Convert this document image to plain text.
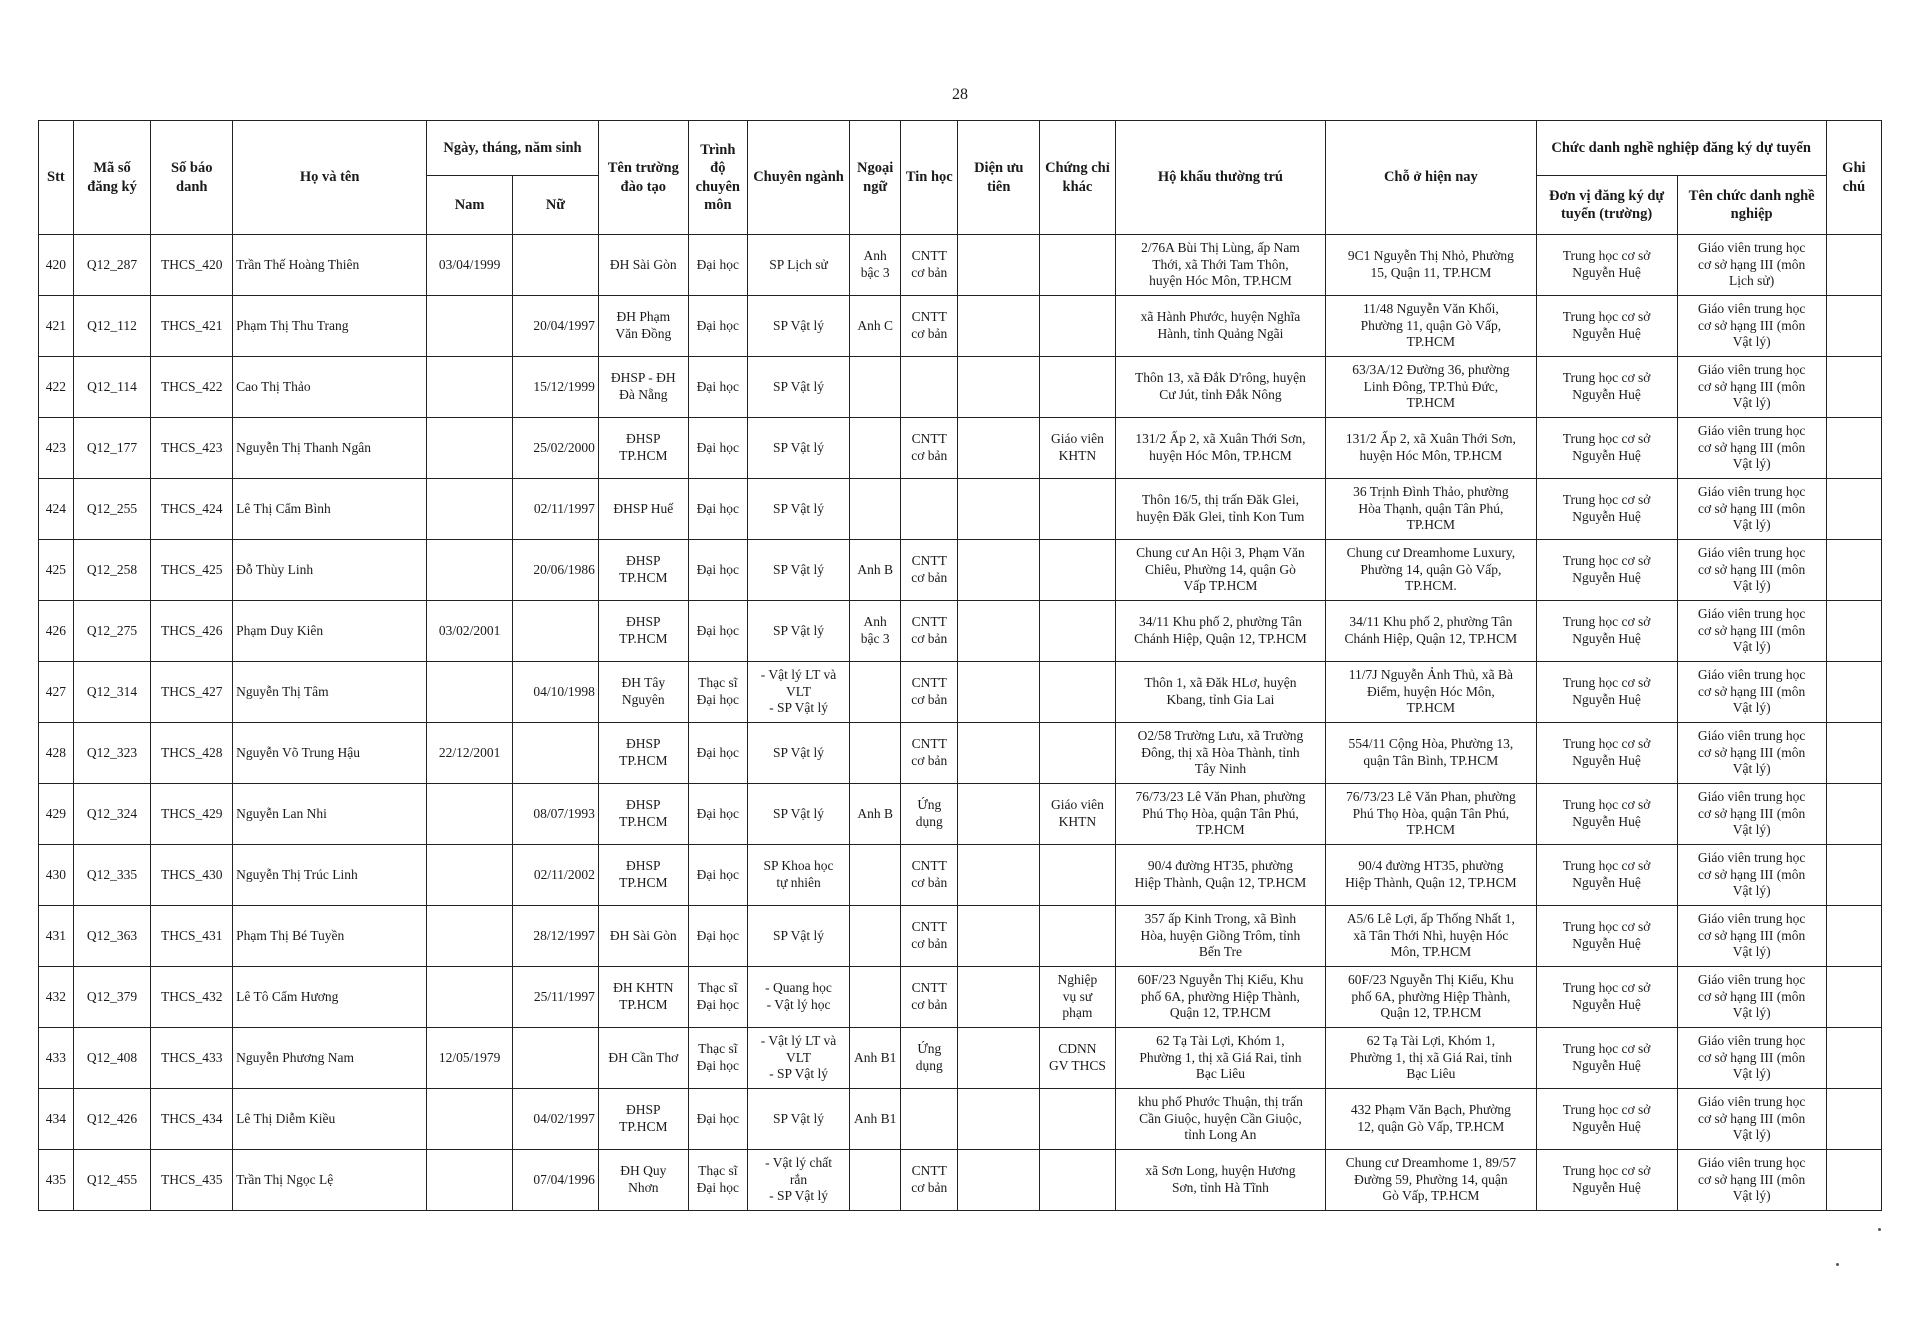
28
Stt	Mã số đăng ký	Số báo danh	Họ và tên	Ngày, tháng, năm sinh		Tên trường đào tạo	Trình độ chuyên môn	Chuyên ngành	Ngoại ngữ	Tin học	Diện ưu tiên	Chứng chỉ khác	Hộ khẩu thường trú	Chỗ ở hiện nay	Chức danh nghề nghiệp đăng ký dự tuyển		Ghi chú
				Nam	Nữ										Đơn vị đăng ký dự tuyển (trường)	Tên chức danh nghề nghiệp	
420	Q12_287	THCS_420	Trần Thế Hoàng Thiên	03/04/1999		ĐH Sài Gòn	Đại học	SP Lịch sử	Anh
bậc 3	CNTT
cơ bản			2/76A Bùi Thị Lùng, ấp Nam
Thới, xã Thới Tam Thôn,
huyện Hóc Môn, TP.HCM	9C1 Nguyễn Thị Nhỏ, Phường
15, Quận 11, TP.HCM	Trung học cơ sở
Nguyễn Huệ	Giáo viên trung học
cơ sở hạng III (môn
Lịch sử)	
421	Q12_112	THCS_421	Phạm Thị Thu Trang		20/04/1997	ĐH Phạm
Văn Đồng	Đại học	SP Vật lý	Anh C	CNTT
cơ bản			xã Hành Phước, huyện Nghĩa
Hành, tỉnh Quảng Ngãi	11/48 Nguyễn Văn Khối,
Phường 11, quận Gò Vấp,
TP.HCM	Trung học cơ sở
Nguyễn Huệ	Giáo viên trung học
cơ sở hạng III (môn
Vật lý)	
422	Q12_114	THCS_422	Cao Thị Thảo		15/12/1999	ĐHSP - ĐH
Đà Nẵng	Đại học	SP Vật lý					Thôn 13, xã Đắk D'rông, huyện
Cư Jút, tỉnh Đắk Nông	63/3A/12 Đường 36, phường
Linh Đông, TP.Thủ Đức,
TP.HCM	Trung học cơ sở
Nguyễn Huệ	Giáo viên trung học
cơ sở hạng III (môn
Vật lý)	
423	Q12_177	THCS_423	Nguyễn Thị Thanh Ngân		25/02/2000	ĐHSP
TP.HCM	Đại học	SP Vật lý		CNTT
cơ bản		Giáo viên
KHTN	131/2 Ấp 2, xã Xuân Thới Sơn,
huyện Hóc Môn, TP.HCM	131/2 Ấp 2, xã Xuân Thới Sơn,
huyện Hóc Môn, TP.HCM	Trung học cơ sở
Nguyễn Huệ	Giáo viên trung học
cơ sở hạng III (môn
Vật lý)	
424	Q12_255	THCS_424	Lê Thị Cẩm Bình		02/11/1997	ĐHSP Huế	Đại học	SP Vật lý					Thôn 16/5, thị trấn Đăk Glei,
huyện Đăk Glei, tỉnh Kon Tum	36 Trịnh Đình Thảo, phường
Hòa Thạnh, quận Tân Phú,
TP.HCM	Trung học cơ sở
Nguyễn Huệ	Giáo viên trung học
cơ sở hạng III (môn
Vật lý)	
425	Q12_258	THCS_425	Đỗ Thùy Linh		20/06/1986	ĐHSP
TP.HCM	Đại học	SP Vật lý	Anh B	CNTT
cơ bản			Chung cư An Hội 3, Phạm Văn
Chiêu, Phường 14, quận Gò
Vấp TP.HCM	Chung cư Dreamhome Luxury,
Phường 14, quận Gò Vấp,
TP.HCM.	Trung học cơ sở
Nguyễn Huệ	Giáo viên trung học
cơ sở hạng III (môn
Vật lý)	
426	Q12_275	THCS_426	Phạm Duy Kiên	03/02/2001		ĐHSP
TP.HCM	Đại học	SP Vật lý	Anh
bậc 3	CNTT
cơ bản			34/11 Khu phố 2, phường Tân
Chánh Hiệp, Quận 12, TP.HCM	34/11 Khu phố 2, phường Tân
Chánh Hiệp, Quận 12, TP.HCM	Trung học cơ sở
Nguyễn Huệ	Giáo viên trung học
cơ sở hạng III (môn
Vật lý)	
427	Q12_314	THCS_427	Nguyễn Thị Tâm		04/10/1998	ĐH Tây
Nguyên	Thạc sĩ
Đại học	- Vật lý LT và
VLT
- SP Vật lý		CNTT
cơ bản			Thôn 1, xã Đăk HLơ, huyện
Kbang, tỉnh Gia Lai	11/7J Nguyễn Ảnh Thủ, xã Bà
Điểm, huyện Hóc Môn,
TP.HCM	Trung học cơ sở
Nguyễn Huệ	Giáo viên trung học
cơ sở hạng III (môn
Vật lý)	
428	Q12_323	THCS_428	Nguyễn Võ Trung Hậu	22/12/2001		ĐHSP
TP.HCM	Đại học	SP Vật lý		CNTT
cơ bản			O2/58 Trường Lưu, xã Trường
Đông, thị xã Hòa Thành, tỉnh
Tây Ninh	554/11 Cộng Hòa, Phường 13,
quận Tân Bình, TP.HCM	Trung học cơ sở
Nguyễn Huệ	Giáo viên trung học
cơ sở hạng III (môn
Vật lý)	
429	Q12_324	THCS_429	Nguyễn Lan Nhi		08/07/1993	ĐHSP
TP.HCM	Đại học	SP Vật lý	Anh B	Ứng
dụng		Giáo viên
KHTN	76/73/23 Lê Văn Phan, phường
Phú Thọ Hòa, quận Tân Phú,
TP.HCM	76/73/23 Lê Văn Phan, phường
Phú Thọ Hòa, quận Tân Phú,
TP.HCM	Trung học cơ sở
Nguyễn Huệ	Giáo viên trung học
cơ sở hạng III (môn
Vật lý)	
430	Q12_335	THCS_430	Nguyễn Thị Trúc Linh		02/11/2002	ĐHSP
TP.HCM	Đại học	SP Khoa học
tự nhiên		CNTT
cơ bản			90/4 đường HT35, phường
Hiệp Thành, Quận 12, TP.HCM	90/4 đường HT35, phường
Hiệp Thành, Quận 12, TP.HCM	Trung học cơ sở
Nguyễn Huệ	Giáo viên trung học
cơ sở hạng III (môn
Vật lý)	
431	Q12_363	THCS_431	Phạm Thị Bé Tuyền		28/12/1997	ĐH Sài Gòn	Đại học	SP Vật lý		CNTT
cơ bản			357 ấp Kinh Trong, xã Bình
Hòa, huyện Giồng Trôm, tỉnh
Bến Tre	A5/6 Lê Lợi, ấp Thống Nhất 1,
xã Tân Thới Nhì, huyện Hóc
Môn, TP.HCM	Trung học cơ sở
Nguyễn Huệ	Giáo viên trung học
cơ sở hạng III (môn
Vật lý)	
432	Q12_379	THCS_432	Lê Tô Cẩm Hương		25/11/1997	ĐH KHTN
TP.HCM	Thạc sĩ
Đại học	- Quang học
- Vật lý học		CNTT
cơ bản		Nghiệp
vụ sư
phạm	60F/23 Nguyễn Thị Kiểu, Khu
phố 6A, phường Hiệp Thành,
Quận 12, TP.HCM	60F/23 Nguyễn Thị Kiểu, Khu
phố 6A, phường Hiệp Thành,
Quận 12, TP.HCM	Trung học cơ sở
Nguyễn Huệ	Giáo viên trung học
cơ sở hạng III (môn
Vật lý)	
433	Q12_408	THCS_433	Nguyễn Phương Nam	12/05/1979		ĐH Cần Thơ	Thạc sĩ
Đại học	- Vật lý LT và
VLT
- SP Vật lý	Anh B1	Ứng
dụng		CDNN
GV THCS	62 Tạ Tài Lợi, Khóm 1,
Phường 1, thị xã Giá Rai, tỉnh
Bạc Liêu	62 Tạ Tài Lợi, Khóm 1,
Phường 1, thị xã Giá Rai, tỉnh
Bạc Liêu	Trung học cơ sở
Nguyễn Huệ	Giáo viên trung học
cơ sở hạng III (môn
Vật lý)	
434	Q12_426	THCS_434	Lê Thị Diễm Kiều		04/02/1997	ĐHSP
TP.HCM	Đại học	SP Vật lý	Anh B1				khu phố Phước Thuận, thị trấn
Cần Giuộc, huyện Cần Giuộc,
tỉnh Long An	432 Phạm Văn Bạch, Phường
12, quận Gò Vấp, TP.HCM	Trung học cơ sở
Nguyễn Huệ	Giáo viên trung học
cơ sở hạng III (môn
Vật lý)	
435	Q12_455	THCS_435	Trần Thị Ngọc Lệ		07/04/1996	ĐH Quy
Nhơn	Thạc sĩ
Đại học	- Vật lý chất
rắn
- SP Vật lý		CNTT
cơ bản			xã Sơn Long, huyện Hương
Sơn, tỉnh Hà Tĩnh	Chung cư Dreamhome 1, 89/57
Đường 59, Phường 14, quận
Gò Vấp, TP.HCM	Trung học cơ sở
Nguyễn Huệ	Giáo viên trung học
cơ sở hạng III (môn
Vật lý)	
